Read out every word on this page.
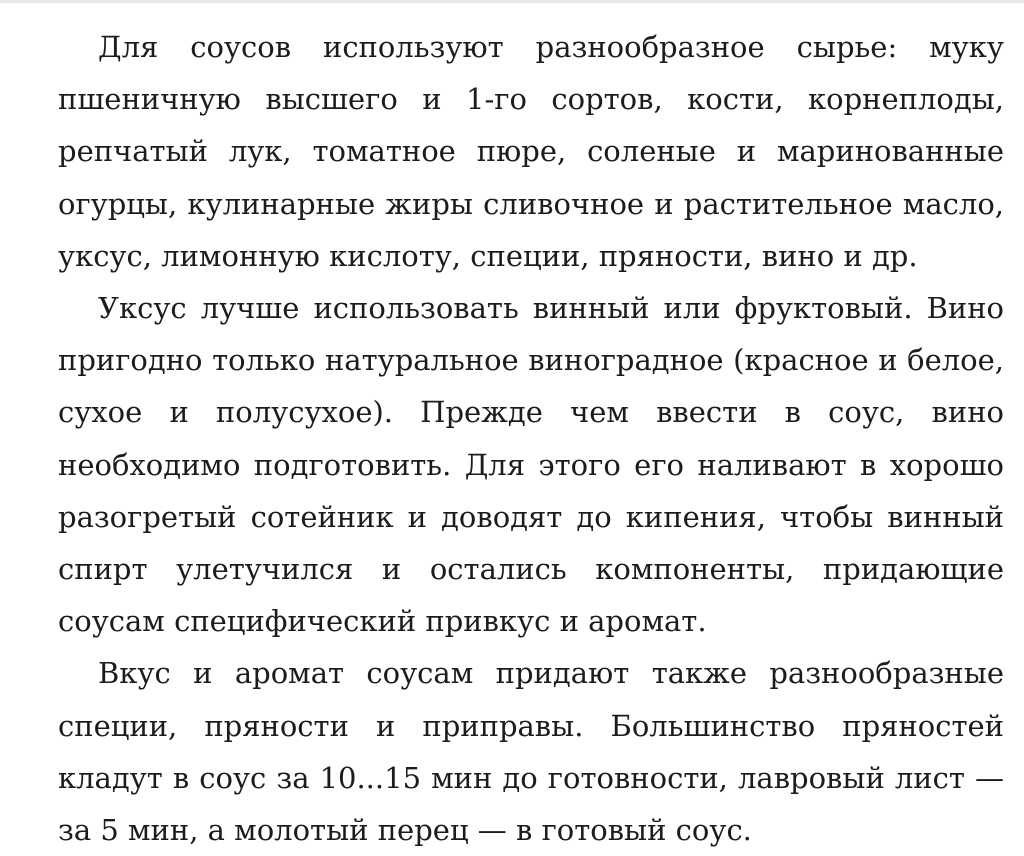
Для соусов используют разнообразное сырье: муку пшеничную высшего и 1-го сортов, кости, корнеплоды, репчатый лук, томатное пюре, соленые и маринованные огурцы, кулинарные жиры сливочное и растительное масло, уксус, лимонную кислоту, специи, пряности, вино и др.

Уксус лучше использовать винный или фруктовый. Вино пригодно только натуральное виноградное (красное и белое, сухое и полусухое). Прежде чем ввести в соус, вино необходимо подготовить. Для этого его наливают в хорошо разогретый сотейник и доводят до кипения, чтобы винный спирт улетучился и остались компоненты, придающие соусам специфический привкус и аромат.

Вкус и аромат соусам придают также разнообразные специи, пряности и приправы. Большинство пряностей кладут в соус за 10...15 мин до готовности, лавровый лист — за 5 мин, а молотый перец — в готовый соус.
